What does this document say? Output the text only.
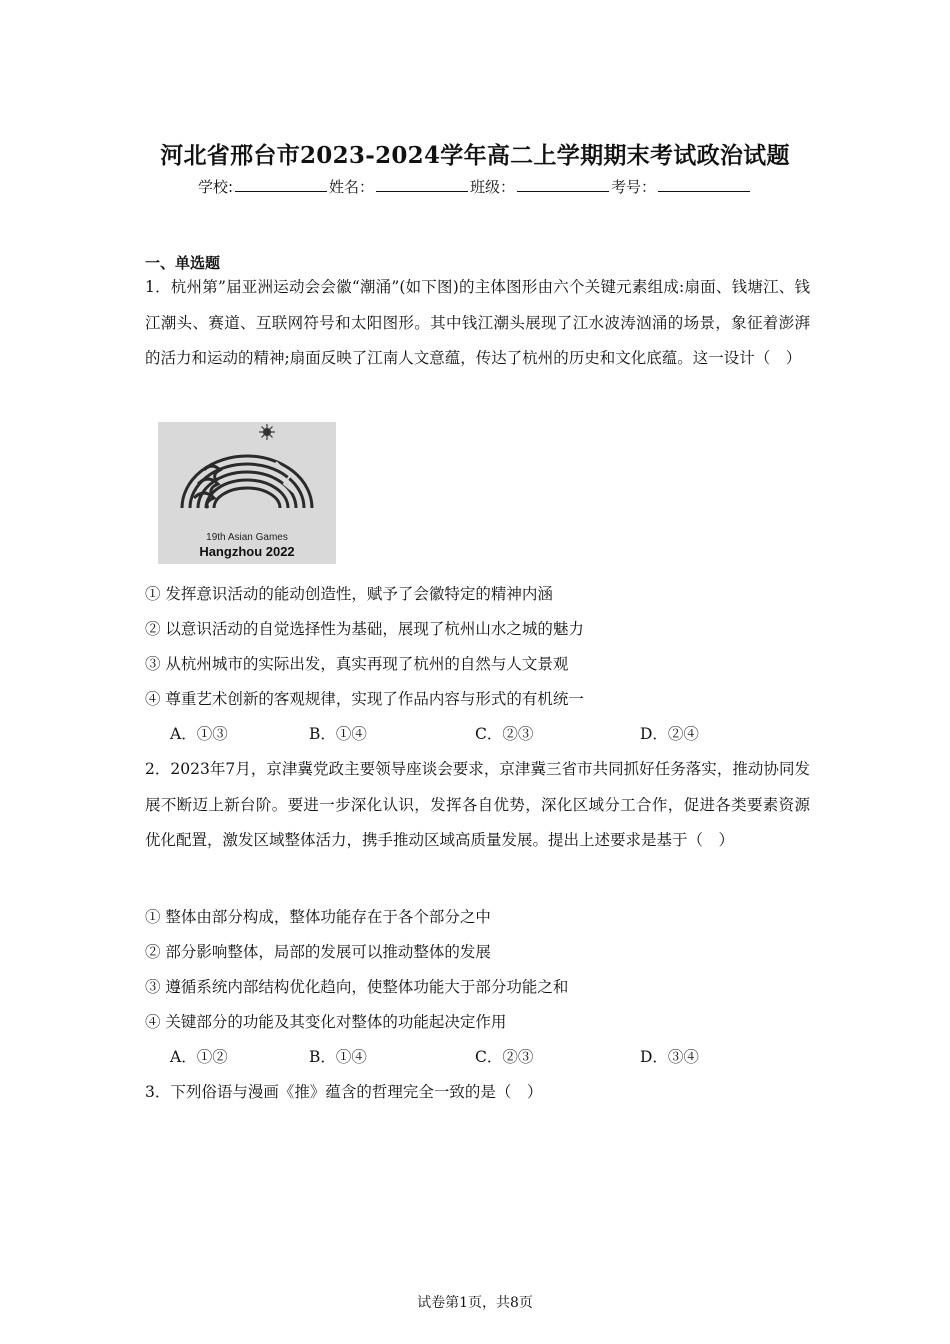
河北省邢台市2023-2024学年高二上学期期末考试政治试题
学校:	姓名：	班级：	考号：
一、单选题
1．杭州第”届亚洲运动会会徽“潮涌”(如下图)的主体图形由六个关键元素组成:扇面、钱塘江、钱江潮头、赛道、互联网符号和太阳图形。其中钱江潮头展现了江水波涛汹涌的场景，象征着澎湃的活力和运动的精神;扇面反映了江南人文意蕴，传达了杭州的历史和文化底蕴。这一设计（　）
19th Asian Games
Hangzhou 2022
① 发挥意识活动的能动创造性，赋予了会徽特定的精神内涵
② 以意识活动的自觉选择性为基础，展现了杭州山水之城的魅力
③ 从杭州城市的实际出发，真实再现了杭州的自然与人文景观
④ 尊重艺术创新的客观规律，实现了作品内容与形式的有机统一
A．①③	B．①④	C．②③	D．②④
2．2023年7月，京津冀党政主要领导座谈会要求，京津冀三省市共同抓好任务落实，推动协同发展不断迈上新台阶。要进一步深化认识，发挥各自优势，深化区域分工合作，促进各类要素资源优化配置，激发区域整体活力，携手推动区域高质量发展。提出上述要求是基于（　）
① 整体由部分构成，整体功能存在于各个部分之中
② 部分影响整体，局部的发展可以推动整体的发展
③ 遵循系统内部结构优化趋向，使整体功能大于部分功能之和
④ 关键部分的功能及其变化对整体的功能起决定作用
A．①②	B．①④	C．②③	D．③④
3．下列俗语与漫画《推》蕴含的哲理完全一致的是（　）
试卷第1页，共8页
